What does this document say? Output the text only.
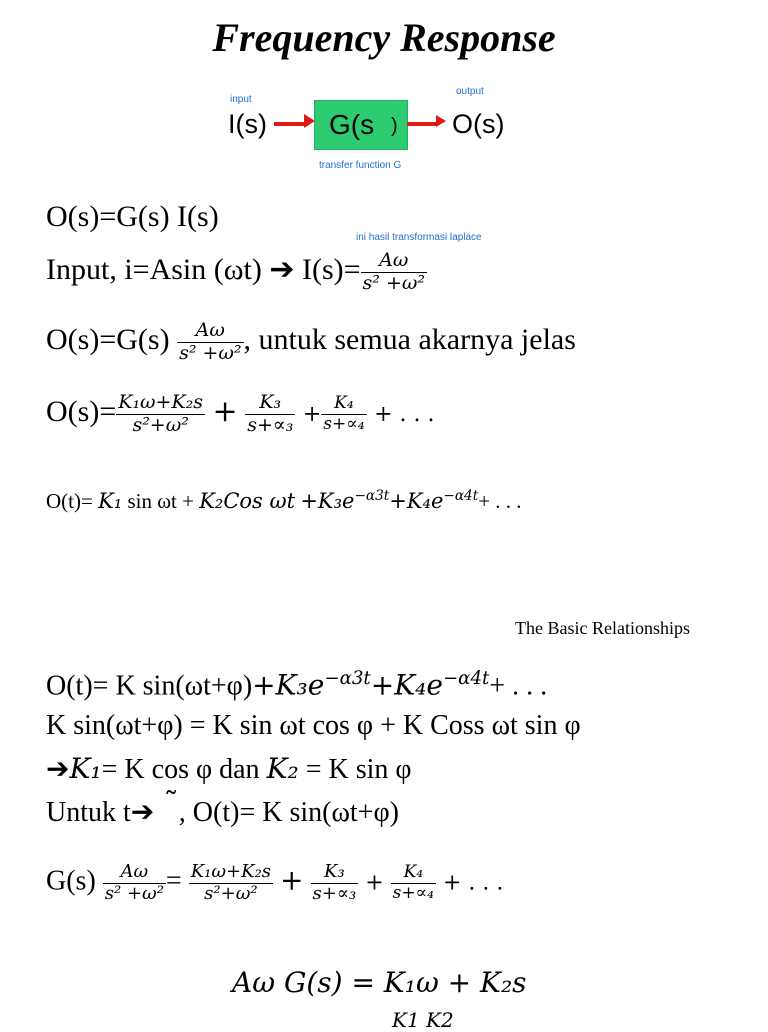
Frequency Response
input
output
I(s) G(s ) O(s)
transfer function G
O(s)=G(s) I(s)
ini hasil transformasi laplace
Input, i=Asin (ωt) ➔ $I(s)= \frac{A\omega}{\text{s² +ω²}}$
$O(s)=G(s) \frac{A\omega}{\text{s² +ω²}}$ , untuk semua akarnya jelas
$O(s)= \frac{\text{K₁ω+K₂s}}{\text{s²+ω²}} + \frac{\text{K₃}}{\text{s+∝₃}} + \frac{\text{K₄}}{\text{s+∝₄}}$ + . . .
O(t)= K₁ sin ωt + K₂Cos $\omega t +K_3e^{-\alpha 3t}+K_4e^{-\alpha 4t}+$ . . .
The Basic Relationships
O(t)= K $\sin(\omega t+\varphi)+K_3e^{-\alpha 3t}+K_4e^{-\alpha 4t}+$ . . .
K sin(ωt+φ) = K sin ωt cos φ + K Coss ωt sin φ
➔K₁= K cos φ dan K₂ = K sin φ
Untuk t➔ ˜, O(t)= K sin(ωt+φ)
$G(s) \frac{A\omega}{\text{s² +ω²}} = \frac{\text{K₁ω+K₂s}}{\text{s²+ω²}} + \frac{\text{K₃}}{\text{s+∝₃}} + \frac{\text{K₄}}{\text{s+∝₄}}$ + . . .
Aω G(s) = K₁ω + K₂s
K1 K2
